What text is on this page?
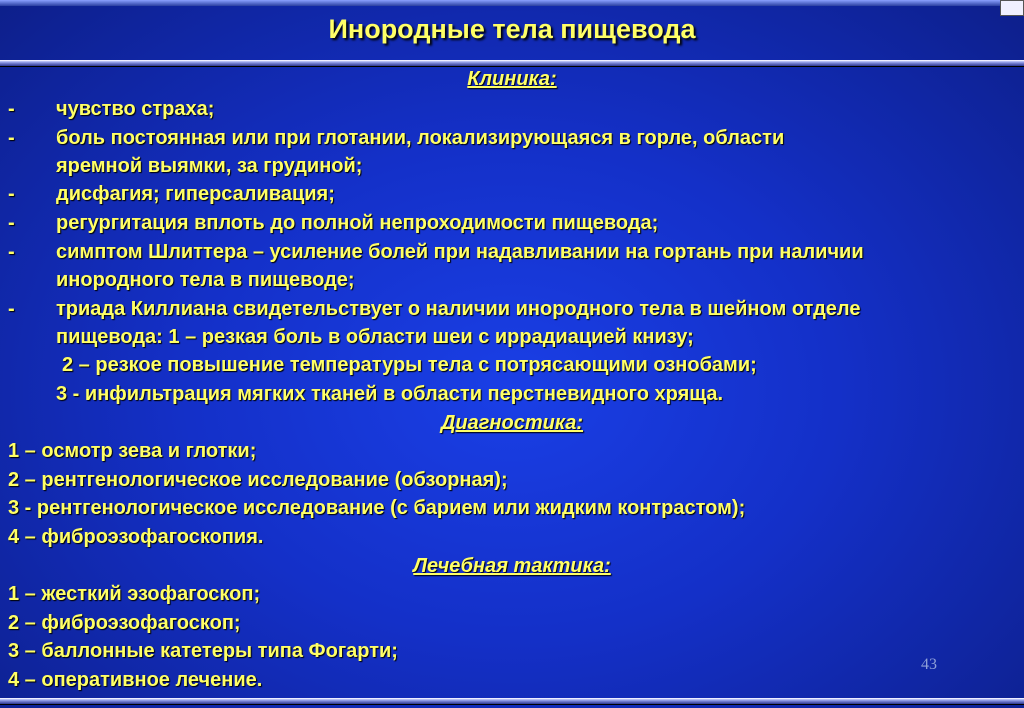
Инородные тела пищевода
Клиника:
- чувство страха;
- боль постоянная или при глотании, локализирующаяся в горле, области
яремной выямки, за грудиной;
- дисфагия; гиперсаливация;
- регургитация вплоть до полной непроходимости пищевода;
- симптом Шлиттера – усиление болей при надавливании на гортань при наличии
инородного тела в пищеводе;
- триада Киллиана свидетельствует о наличии инородного тела в шейном отделе
пищевода: 1 – резкая боль в области шеи с иррадиацией книзу;
2 – резкое повышение температуры тела с потрясающими ознобами;
3 - инфильтрация мягких тканей в области перстневидного хряща.
Диагностика:
1 – осмотр зева и глотки;
2 – рентгенологическое исследование (обзорная);
3 - рентгенологическое исследование (с барием или жидким контрастом);
4 – фиброэзофагоскопия.
Лечебная тактика:
1 – жесткий эзофагоскоп;
2 – фиброэзофагоскоп;
3 – баллонные катетеры типа Фогарти;
4 – оперативное лечение.
43
